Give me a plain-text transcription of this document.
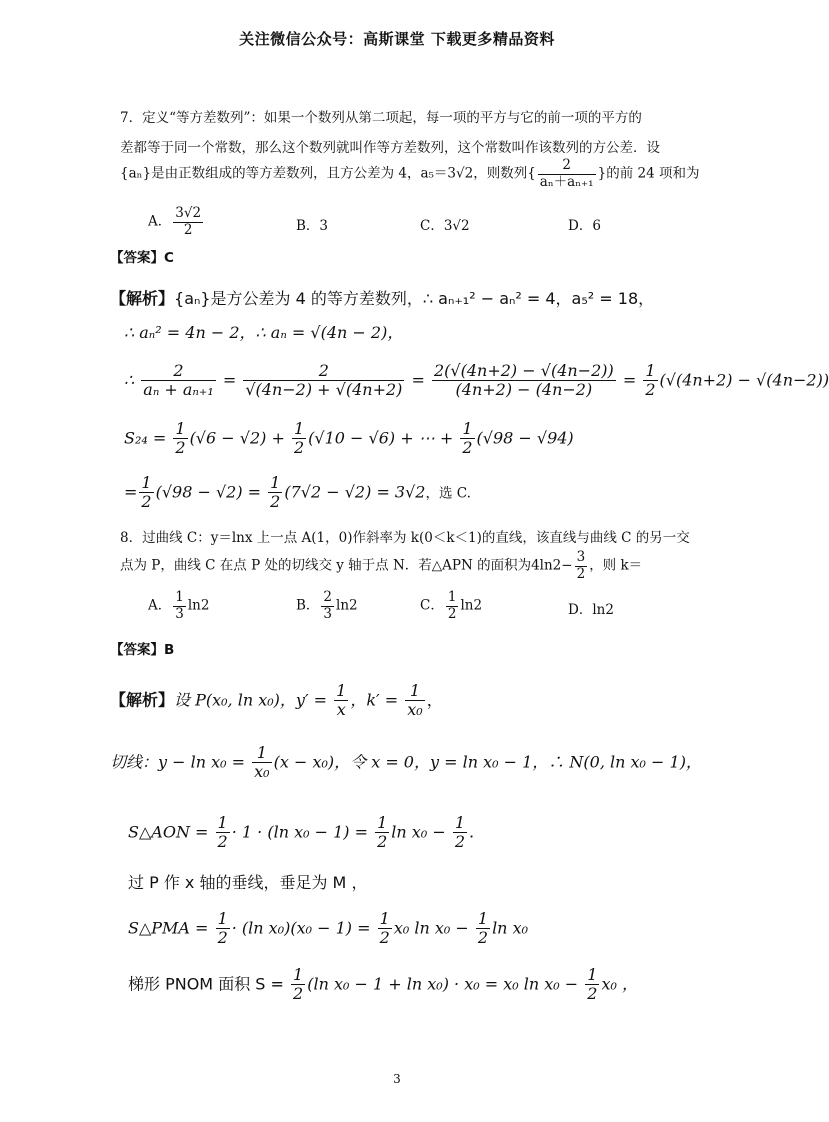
关注微信公众号：高斯课堂 下载更多精品资料
7．定义“等方差数列”：如果一个数列从第二项起，每一项的平方与它的前一项的平方的
差都等于同一个常数，那么这个数列就叫作等方差数列，这个常数叫作该数列的方公差．设
{aₙ}是由正数组成的等方差数列，且方公差为 4，a₅＝3√2，则数列{ $\frac{2}{\text{aₙ＋aₙ₊₁}}$ }的前 24 项和为
A． $\frac{3√2}{2}$	B．3	C．3√2	D．6
【答案】C
【解析】{aₙ}是方公差为 4 的等方差数列，∴ aₙ₊₁² − aₙ² = 4，a₅² = 18，
∴ aₙ² = 4n − 2，∴ aₙ = √(4n − 2)，
∴ $\frac{2}{\text{aₙ + aₙ₊₁}} = \frac{2}{√(4n-2) + √(4n+2)} = \frac{2(√(4n+2) - √(4n-2))}{(4n+2) - (4n-2)} = \frac{1}{2} (√(4n+2) - √(4n-2))$
$S_{24} = \frac{1}{2} (√6 - √2) + \frac{1}{2} (√10 - √6)$ + ⋯ + $\frac{1}{2} (√98 - √94)$
= $\frac{1}{2} (√98 - √2) = \frac{1}{2} (7√2 - √2) = 3√2$，选 C.
8．过曲线 C：y＝lnx 上一点 A(1，0)作斜率为 k(0＜k＜1)的直线，该直线与曲线 C 的另一交
点为 P，曲线 C 在点 P 处的切线交 y 轴于点 N．若△APN 的面积为$4\ln 2- \frac{3}{2}$ ，则 k＝
A． $\frac{1}{3} \ln 2$	B． $\frac{2}{3} \ln 2$	C． $\frac{1}{2} \ln 2$	D．ln2
【答案】B
【解析】设 P(x₀, ln x₀)，$y' = \frac{1}{x}$ ，$k' = \frac{1}{\text{x₀}}$ ，
切线：$y - \ln x_0 = \frac{1}{\text{x₀}} (x - x_0)$，令 x = 0，y = ln x₀ − 1，∴ N(0, ln x₀ − 1)，
S△AON = $\frac{1}{2} \cdot 1 \cdot (\ln$ $x_0 - 1) = \frac{1}{2}$ $\ln x_0 - \frac{1}{2}$ .
过 P 作 x 轴的垂线，垂足为 M ，
S△PMA = $\frac{1}{2} \cdot (\ln$ $x_0)(x_0 - 1) = \frac{1}{2} x_0$ $\ln x_0 - \frac{1}{2}$ ln x₀
梯形 PNOM 面积 $S = \frac{1}{2} (\ln$ x₀ − 1 + ln x₀) · x₀ = x₀ $\ln x_0 - \frac{1}{2} x_0$ ，
3
